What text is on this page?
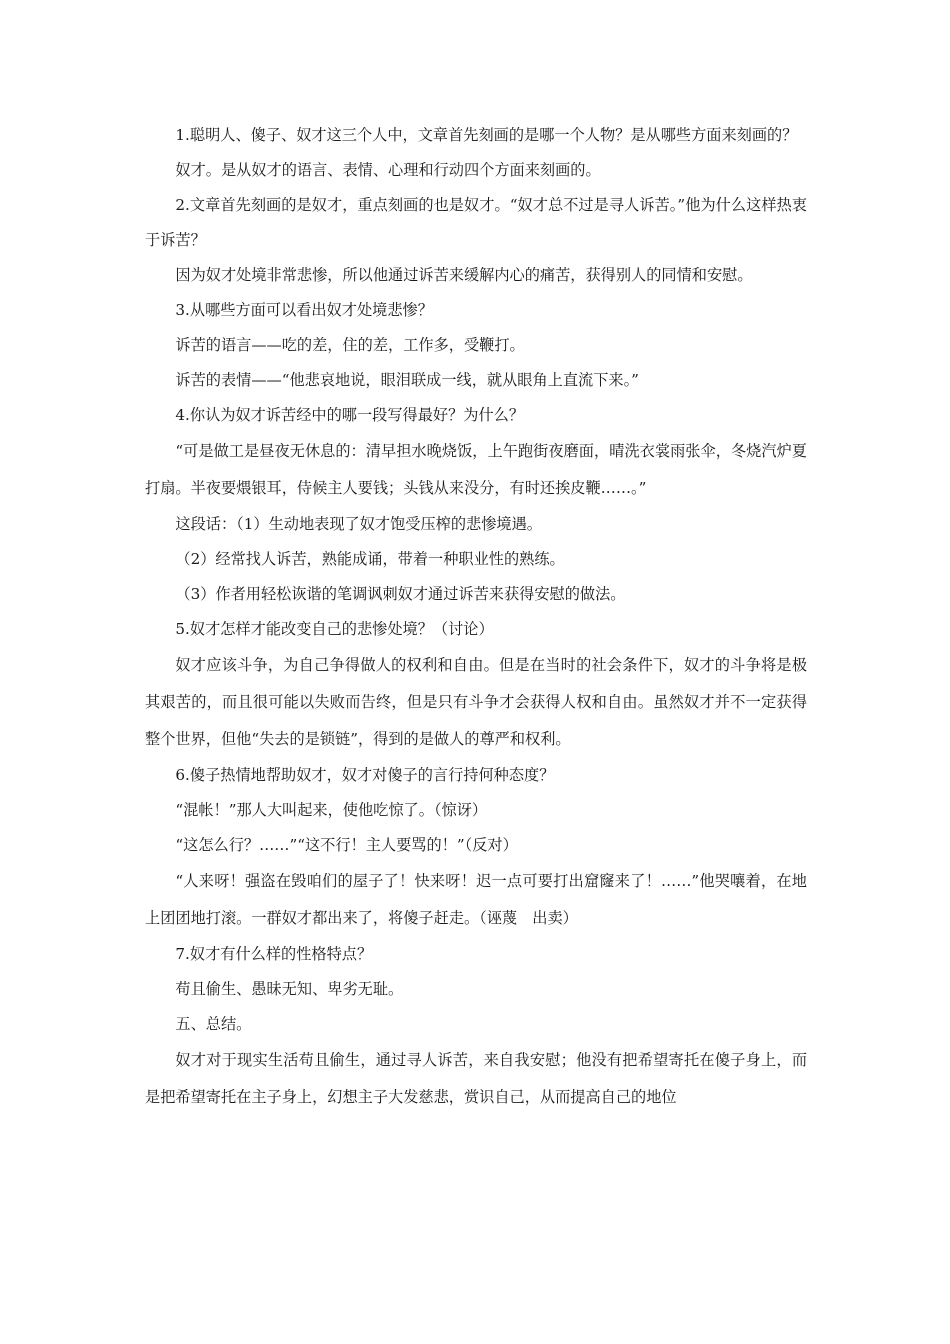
1.聪明人、傻子、奴才这三个人中，文章首先刻画的是哪一个人物？是从哪些方面来刻画的？

奴才。是从奴才的语言、表情、心理和行动四个方面来刻画的。

2.文章首先刻画的是奴才，重点刻画的也是奴才。“奴才总不过是寻人诉苦。”他为什么这样热衷于诉苦？

因为奴才处境非常悲惨，所以他通过诉苦来缓解内心的痛苦，获得别人的同情和安慰。

3.从哪些方面可以看出奴才处境悲惨？

诉苦的语言——吃的差，住的差，工作多，受鞭打。

诉苦的表情——“他悲哀地说，眼泪联成一线，就从眼角上直流下来。”

4.你认为奴才诉苦经中的哪一段写得最好？为什么？

“可是做工是昼夜无休息的：清早担水晚烧饭，上午跑街夜磨面，晴洗衣裳雨张伞，冬烧汽炉夏打扇。半夜要煨银耳，侍候主人要钱；头钱从来没分，有时还挨皮鞭……。”

这段话：（1）生动地表现了奴才饱受压榨的悲惨境遇。

（2）经常找人诉苦，熟能成诵，带着一种职业性的熟练。

（3）作者用轻松诙谐的笔调讽刺奴才通过诉苦来获得安慰的做法。

5.奴才怎样才能改变自己的悲惨处境？（讨论）

奴才应该斗争，为自己争得做人的权利和自由。但是在当时的社会条件下，奴才的斗争将是极其艰苦的，而且很可能以失败而告终，但是只有斗争才会获得人权和自由。虽然奴才并不一定获得整个世界，但他“失去的是锁链”，得到的是做人的尊严和权利。

6.傻子热情地帮助奴才，奴才对傻子的言行持何种态度？

“混帐！”那人大叫起来，使他吃惊了。（惊讶）

“这怎么行？……”“这不行！主人要骂的！”（反对）

“人来呀！强盗在毁咱们的屋子了！快来呀！迟一点可要打出窟窿来了！……”他哭嚷着，在地上团团地打滚。一群奴才都出来了，将傻子赶走。（诬蔑　出卖）

7.奴才有什么样的性格特点？

苟且偷生、愚昧无知、卑劣无耻。

五、总结。

奴才对于现实生活苟且偷生，通过寻人诉苦，来自我安慰；他没有把希望寄托在傻子身上，而是把希望寄托在主子身上，幻想主子大发慈悲，赏识自己，从而提高自己的地位
